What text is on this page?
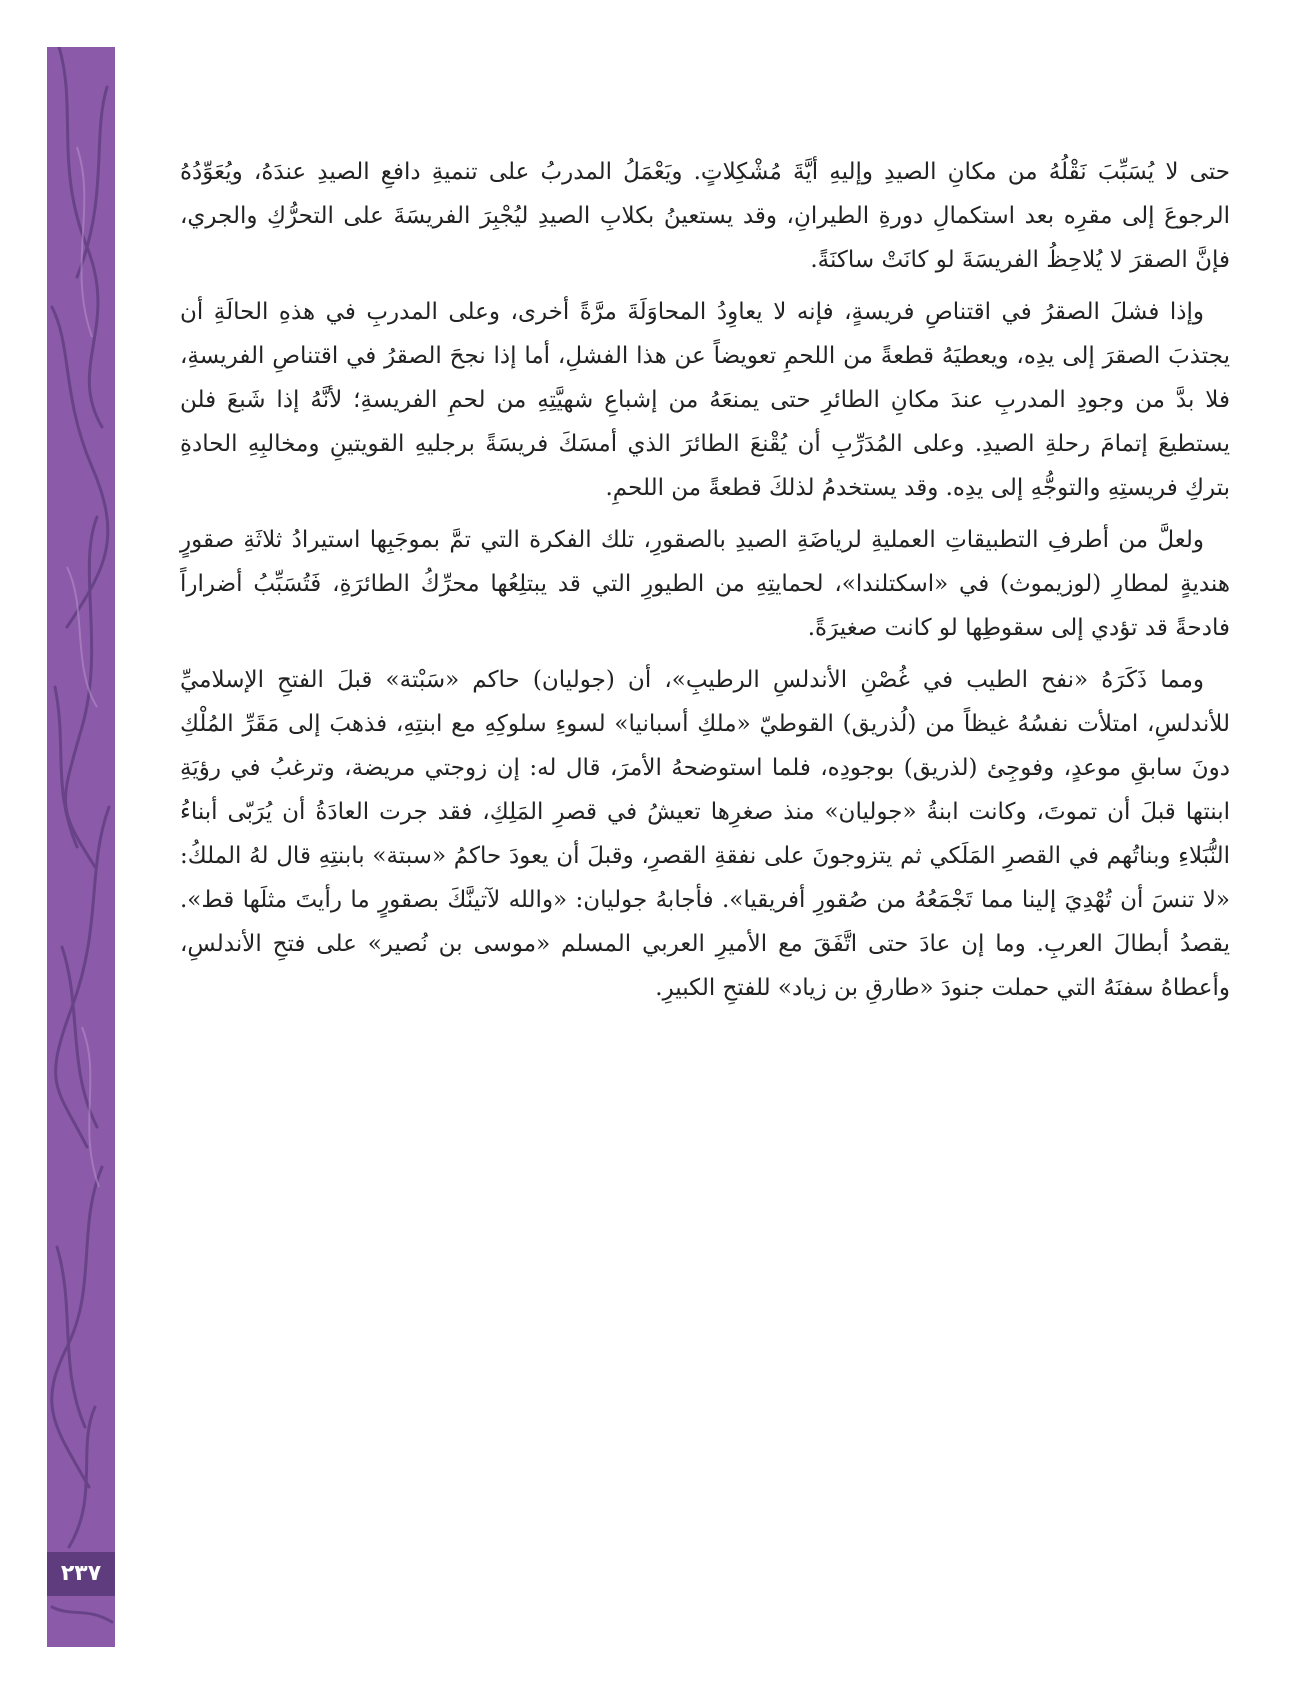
٢٣٧

حتى لا يُسَبِّبَ نَقْلُهُ من مكانِ الصيدِ وإليهِ أيَّةَ مُشْكِلاتٍ. ويَعْمَلُ المدربُ على تنميةِ دافعِ الصيدِ عندَهُ، ويُعَوِّدُهُ الرجوعَ إلى مقرِه بعد استكمالِ دورةِ الطيرانِ، وقد يستعينُ بكلابِ الصيدِ ليُجْبِرَ الفريسَةَ على التحرُّكِ والجري، فإنَّ الصقرَ لا يُلاحِظُ الفريسَةَ لو كانَتْ ساكنَةً.

وإذا فشلَ الصقرُ في اقتناصِ فريسةٍ، فإنه لا يعاوِدُ المحاوَلَةَ مرَّةً أخرى، وعلى المدربِ في هذهِ الحالَةِ أن يجتذبَ الصقرَ إلى يدِه، ويعطيَهُ قطعةً من اللحمِ تعويضاً عن هذا الفشلِ، أما إذا نجحَ الصقرُ في اقتناصِ الفريسةِ، فلا بدَّ من وجودِ المدربِ عندَ مكانِ الطائرِ حتى يمنعَهُ من إشباعِ شهيَّتِهِ من لحمِ الفريسةِ؛ لأنَّهُ إذا شَبعَ فلن يستطيعَ إتمامَ رحلةِ الصيدِ. وعلى المُدَرِّبِ أن يُقْنعَ الطائرَ الذي أمسَكَ فريسَةً برجليهِ القويتينِ ومخالبِهِ الحادةِ بتركِ فريستِهِ والتوجُّهِ إلى يدِه. وقد يستخدمُ لذلكَ قطعةً من اللحمِ.

ولعلَّ من أطرفِ التطبيقاتِ العمليةِ لرياضَةِ الصيدِ بالصقورِ، تلك الفكرة التي تمَّ بموجَبِها استيرادُ ثلاثَةِ صقورٍ هنديةٍ لمطارِ (لوزيموث) في «اسكتلندا»، لحمايتِهِ من الطيورِ التي قد يبتلِعُها محرِّكُ الطائرَةِ، فَتُسَبِّبُ أضراراً فادحةً قد تؤدي إلى سقوطِها لو كانت صغيرَةً.

ومما ذَكَرَهُ «نفح الطيب في غُصْنِ الأندلسِ الرطيبِ»، أن (جوليان) حاكم «سَبْتة» قبلَ الفتحِ الإسلاميِّ للأندلسِ، امتلأت نفسُهُ غيظاً من (لُذريق) القوطيّ «ملكِ أسبانيا» لسوءِ سلوكِهِ مع ابنتِهِ، فذهبَ إلى مَقَرِّ المُلْكِ دونَ سابقِ موعدٍ، وفوجِئ (لذريق) بوجودِه، فلما استوضحهُ الأمرَ، قال له: إن زوجتي مريضة، وترغبُ في رؤيَةِ ابنتها قبلَ أن تموتَ، وكانت ابنةُ «جوليان» منذ صغرِها تعيشُ في قصرِ المَلِكِ، فقد جرت العادَةُ أن يُرَبّى أبناءُ النُّبَلاءِ وبناتُهم في القصرِ المَلَكي ثم يتزوجونَ على نفقةِ القصرِ، وقبلَ أن يعودَ حاكمُ «سبتة» بابنتِهِ قال لهُ الملكُ: «لا تنسَ أن تُهْدِيَ إلينا مما تَجْمَعُهُ من صُقورِ أفريقيا». فأجابهُ جوليان: «والله لآتينَّكَ بصقورٍ ما رأيتَ مثلَها قط». يقصدُ أبطالَ العربِ. وما إن عادَ حتى اتَّفَقَ مع الأميرِ العربي المسلم «موسى بن نُصير» على فتحِ الأندلسِ، وأعطاهُ سفنَهُ التي حملت جنودَ «طارقِ بن زياد» للفتحِ الكبيرِ.
